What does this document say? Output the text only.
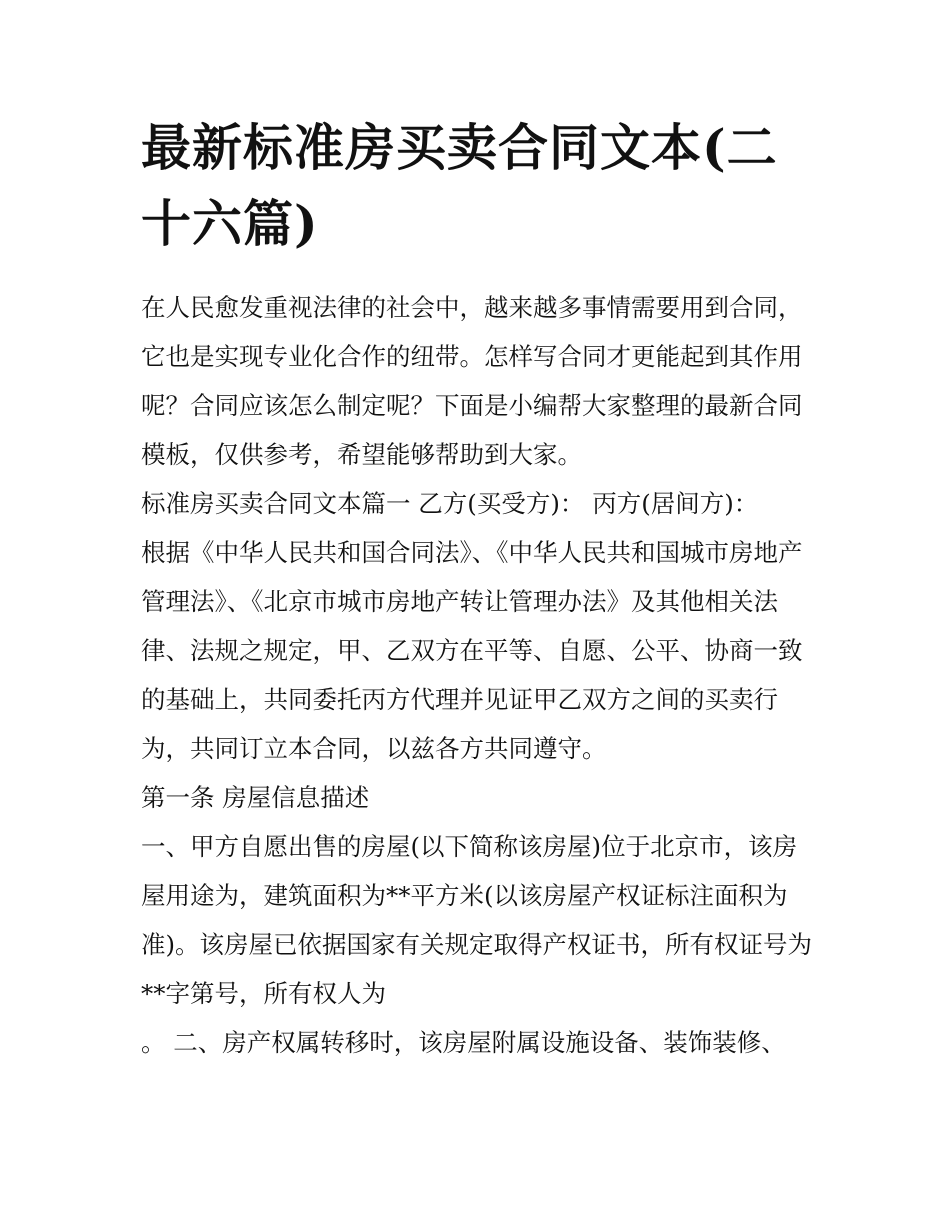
最新标准房买卖合同文本(二十六篇)

在人民愈发重视法律的社会中，越来越多事情需要用到合同，它也是实现专业化合作的纽带。怎样写合同才更能起到其作用呢？合同应该怎么制定呢？下面是小编帮大家整理的最新合同模板，仅供参考，希望能够帮助到大家。

标准房买卖合同文本篇一 乙方(买受方)： 丙方(居间方)：

根据《中华人民共和国合同法》、《中华人民共和国城市房地产管理法》、《北京市城市房地产转让管理办法》及其他相关法律、法规之规定，甲、乙双方在平等、自愿、公平、协商一致的基础上，共同委托丙方代理并见证甲乙双方之间的买卖行为，共同订立本合同，以兹各方共同遵守。

第一条 房屋信息描述

一、甲方自愿出售的房屋(以下简称该房屋)位于北京市，该房屋用途为，建筑面积为**平方米(以该房屋产权证标注面积为准)。该房屋已依据国家有关规定取得产权证书，所有权证号为**字第号，所有权人为

。 二、房产权属转移时，该房屋附属设施设备、装饰装修、
